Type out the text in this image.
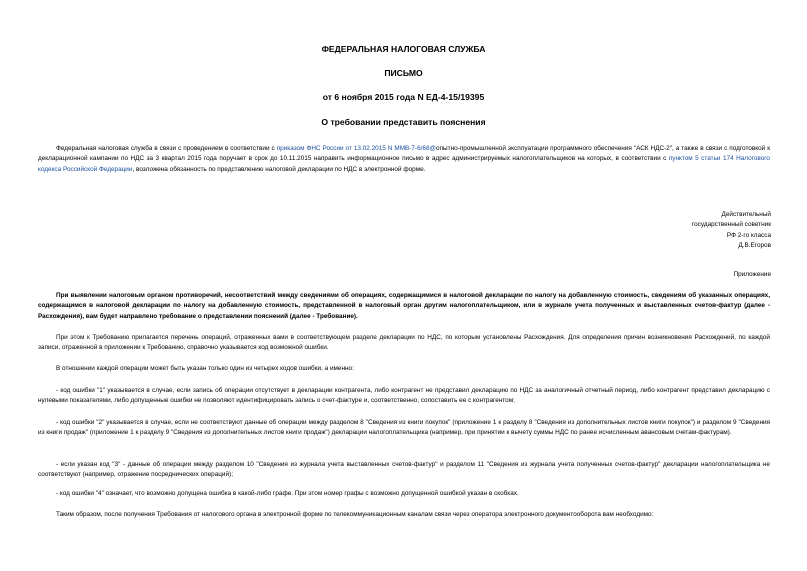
ФЕДЕРАЛЬНАЯ НАЛОГОВАЯ СЛУЖБА
ПИСЬМО
от 6 ноября 2015 года N ЕД-4-15/19395
О требовании представить пояснения
Федеральная налоговая служба в связи с проведением в соответствии с приказом ФНС России от 13.02.2015 N ММВ-7-6/68@опытно-промышленной эксплуатации программного обеспечения "АСК НДС-2", а также в связи с подготовкой к декларационной кампании по НДС за 3 квартал 2015 года поручает в срок до 10.11.2015 направить информационное письмо в адрес администрируемых налогоплательщиков на которых, в соответствии с пунктом 5 статьи 174 Налогового кодекса Российской Федерации, возложена обязанность по представлению налоговой декларации по НДС в электронной форме.
Действительный
государственный советник
РФ 2-го класса
Д.В.Егоров
Приложение
При выявлении налоговым органом противоречий, несоответствий между сведениями об операциях, содержащимися в налоговой декларации по налогу на добавленную стоимость, сведениям об указанных операциях, содержащимся в налоговой декларации по налогу на добавленную стоимость, представленной в налоговый орган другим налогоплательщиком, или в журнале учета полученных и выставленных счетов-фактур (далее - Расхождения), вам будет направлено требование о представлении пояснений (далее - Требование).
При этом к Требованию прилагается перечень операций, отраженных вами в соответствующем разделе декларации по НДС, по которым установлены Расхождения. Для определения причин возникновения Расхождений, по каждой записи, отраженной в приложении к Требованию, справочно указывается код возможной ошибки.
В отношении каждой операции может быть указан только один из четырех кодов ошибки, а именно:
- код ошибки "1" указывается в случае, если запись об операции отсутствует в декларации контрагента, либо контрагент не представил декларацию по НДС за аналогичный отчетный период, либо контрагент представил декларацию с нулевыми показателями, либо допущенные ошибки не позволяют идентифицировать запись о счет-фактуре и, соответственно, сопоставить ее с контрагентом;
- код ошибки "2" указывается в случае, если не соответствуют данные об операции между разделом 8 "Сведения из книги покупок" (приложение 1 к разделу 8 "Сведения из дополнительных листов книги покупок") и разделом 9 "Сведения из книги продаж" (приложение 1 к разделу 9 "Сведения из дополнительных листов книги продаж") декларации налогоплательщика (например, при принятии к вычету суммы НДС по ранее исчисленным авансовым счетам-фактурам).
- если указан код "3" - данные об операции между разделом 10 "Сведения из журнала учета выставленных счетов-фактур" и разделом 11 "Сведения из журнала учета полученных счетов-фактур" декларации налогоплательщика не соответствуют (например, отражение посреднических операций);
- код ошибки "4" означает, что возможно допущена ошибка в какой-либо графе. При этом номер графы с возможно допущенной ошибкой указан в скобках.
Таким образом, после получения Требования от налогового органа в электронной форме по телекоммуникационным каналам связи через оператора электронного документооборота вам необходимо:
